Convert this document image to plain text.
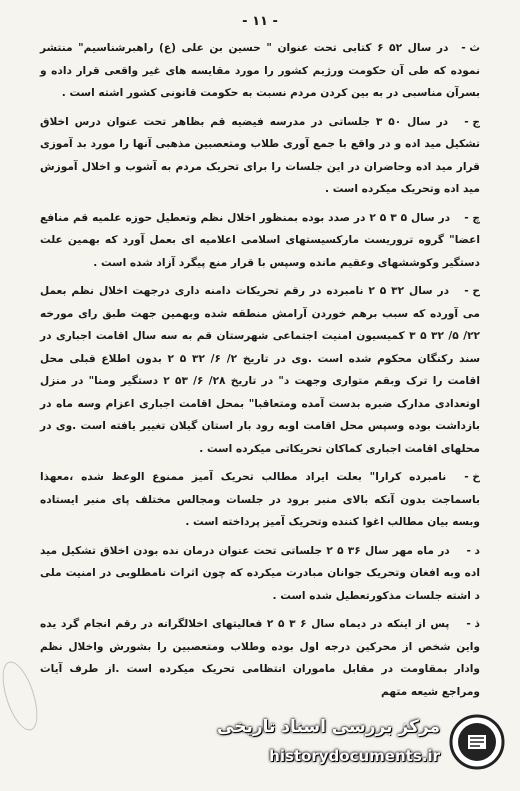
- ۱۱ -

ث - در سال ۵۲ ۶ کتابی تحت عنوان " حسین بن علی (ع) راهبرشناسیم" منتشر نموده که طی آن حکومت ورژیم کشور را مورد مقایسه های غیر واقعی قرار داده و بسرآن مناسبی در به بین کردن مردم نسبت به حکومت قانونی کشور اشته است .

ج - در سال ۵۰ ۳ جلساتی در مدرسه فیضیه قم بظاهر تحت عنوان درس اخلاق تشکیل مید اده و در واقع با جمع آوری طلاب ومتعصبین مذهبی آنها را مورد بد آموزی قرار مید اده وحاضران در این جلسات را برای تحریک مردم به آشوب و اخلال آموزش مید اده وتحریک میکرده است .

چ - در سال ۵ ۳ ۵ ۲ در صدد بوده بمنظور اخلال نظم وتعطیل حوزه علمیه قم منافع اعضا" گروه تروریست مارکسیستهای اسلامی اعلامیه ای بعمل آورد که بهمین علت دستگیر وکوششهای وعقیم مانده وسپس با قرار منع پیگرد آزاد شده است .

ح - در سال ۳۲ ۵ ۲ نامبرده در رقم تحریکات دامنه داری درجهت اخلال نظم بعمل می آورده که سبب برهم خوردن آرامش منطقه شده وبهمین جهت طبق رای مورخه ۲۲/ ۵/ ۳۲ ۵ ۳ کمیسیون امنیت اجتماعی شهرستان قم به سه سال اقامت اجباری در سند رکنگان محکوم شده است .وی در تاریخ ۲/ ۶/ ۳۲ ۵ ۲ بدون اطلاع قبلی محل اقامت را ترک وبقم متواری وجهت د" در تاریخ ۲۸/ ۶/ ۵۳ ۲ دستگیر ومنا" در منزل اوتعدادی مدارک ضبره بدست آمده ومتعاقبا" بمحل اقامت اجباری اعزام وسه ماه در بازداشت بوده وسپس محل اقامت اوبه رود بار استان گیلان تغییر یافته است .وی در محلهای اقامت اجباری کماکان تحریکاتی میکرده است .

خ - نامبرده کرارا" بعلت ایراد مطالب تحریک آمیز ممنوع الوعظ شده ،معهذا باسماجت بدون آنکه بالای منبر برود در جلسات ومجالس مختلف پای منبر ایستاده وبسه بیان مطالب اغوا کننده وتحریک آمیز پرداخته است .

د - در ماه مهر سال ۳۶ ۵ ۲ جلساتی تحت عنوان درمان نده بودن اخلاق تشکیل مید اده وبه افغان وتحریک جوانان مبادرت میکرده که چون اثرات نامطلوبی در امنیت ملی د اشته جلسات مذکورتعطیل شده است .

ذ - پس از اینکه در دیماه سال ۶ ۳ ۵ ۲ فعالیتهای اخلالگرانه در رقم انجام گرد یده واین شخص از محرکین درجه اول بوده وطلاب ومتعصبین را بشورش واخلال نظم وادار بمقاومت در مقابل ماموران انتظامی تحریک میکرده است .از طرف آیات ومراجع شیعه متهم

مرکز بررسی اسناد تاریخی
historydocuments.ir
